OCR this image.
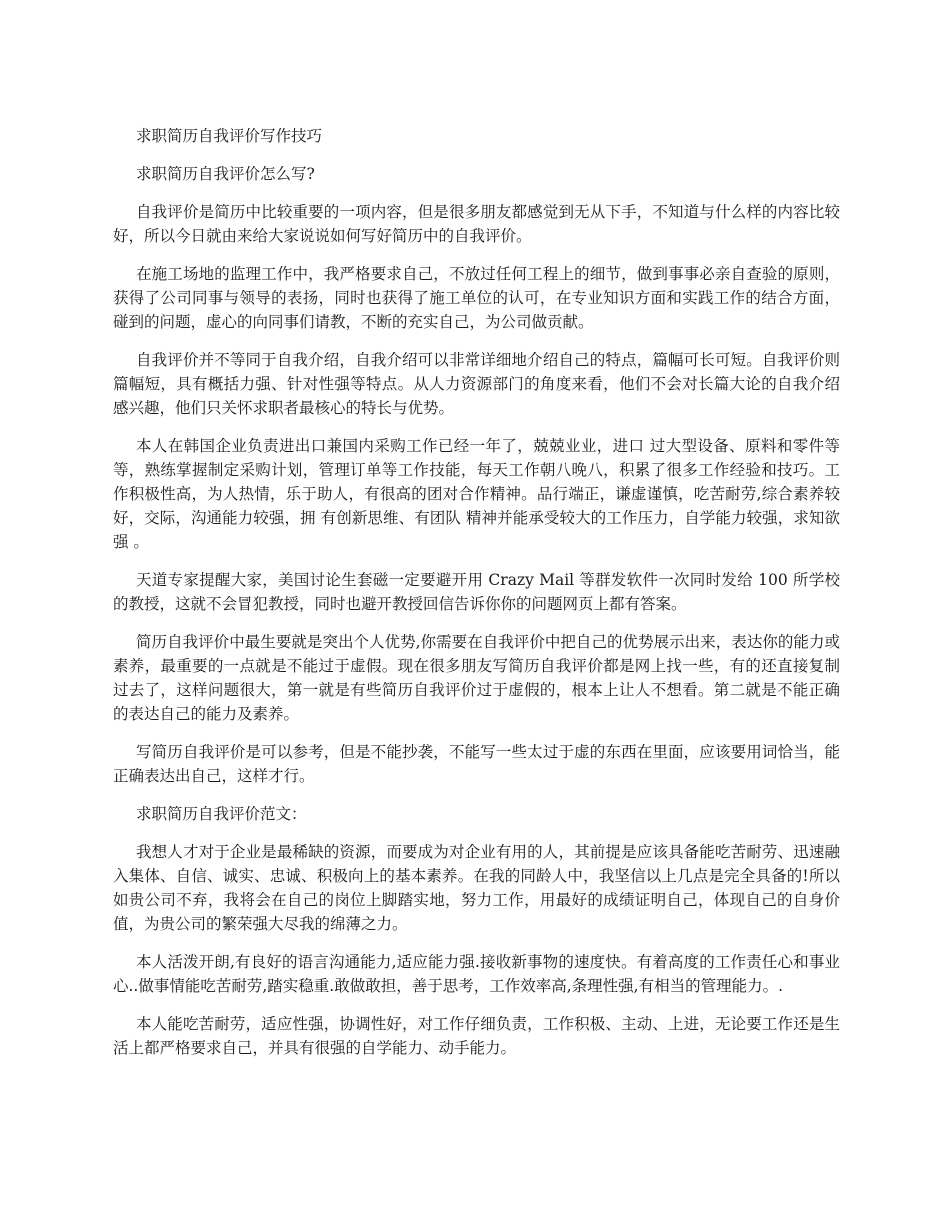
求职简历自我评价写作技巧

求职简历自我评价怎么写?

自我评价是简历中比较重要的一项内容，但是很多朋友都感觉到无从下手，不知道与什么样的内容比较好，所以今日就由来给大家说说如何写好简历中的自我评价。

在施工场地的监理工作中，我严格要求自己，不放过任何工程上的细节，做到事事必亲自查验的原则，获得了公司同事与领导的表扬，同时也获得了施工单位的认可，在专业知识方面和实践工作的结合方面，碰到的问题，虚心的向同事们请教，不断的充实自己，为公司做贡献。

自我评价并不等同于自我介绍，自我介绍可以非常详细地介绍自己的特点，篇幅可长可短。自我评价则篇幅短，具有概括力强、针对性强等特点。从人力资源部门的角度来看，他们不会对长篇大论的自我介绍感兴趣，他们只关怀求职者最核心的特长与优势。

本人在韩国企业负责进出口兼国内采购工作已经一年了，兢兢业业，进口 过大型设备、原料和零件等等，熟练掌握制定采购计划，管理订单等工作技能，每天工作朝八晚八，积累了很多工作经验和技巧。工作积极性高，为人热情，乐于助人，有很高的团对合作精神。品行端正，谦虚谨慎，吃苦耐劳,综合素养较好，交际，沟通能力较强，拥 有创新思维、有团队 精神并能承受较大的工作压力，自学能力较强，求知欲强 。

天道专家提醒大家，美国讨论生套磁一定要避开用 Crazy Mail 等群发软件一次同时发给 100 所学校的教授，这就不会冒犯教授，同时也避开教授回信告诉你你的问题网页上都有答案。

简历自我评价中最生要就是突出个人优势,你需要在自我评价中把自己的优势展示出来，表达你的能力或素养，最重要的一点就是不能过于虚假。现在很多朋友写简历自我评价都是网上找一些，有的还直接复制过去了，这样问题很大，第一就是有些简历自我评价过于虚假的，根本上让人不想看。第二就是不能正确的表达自己的能力及素养。

写简历自我评价是可以参考，但是不能抄袭，不能写一些太过于虚的东西在里面，应该要用词恰当，能正确表达出自己，这样才行。

求职简历自我评价范文：

我想人才对于企业是最稀缺的资源，而要成为对企业有用的人，其前提是应该具备能吃苦耐劳、迅速融入集体、自信、诚实、忠诚、积极向上的基本素养。在我的同龄人中，我坚信以上几点是完全具备的!所以如贵公司不弃，我将会在自己的岗位上脚踏实地，努力工作，用最好的成绩证明自己，体现自己的自身价值，为贵公司的繁荣强大尽我的绵薄之力。

本人活泼开朗,有良好的语言沟通能力,适应能力强.接收新事物的速度快。有着高度的工作责任心和事业心..做事情能吃苦耐劳,踏实稳重.敢做敢担，善于思考，工作效率高,条理性强,有相当的管理能力。.

本人能吃苦耐劳，适应性强，协调性好，对工作仔细负责，工作积极、主动、上进，无论要工作还是生活上都严格要求自己，并具有很强的自学能力、动手能力。
